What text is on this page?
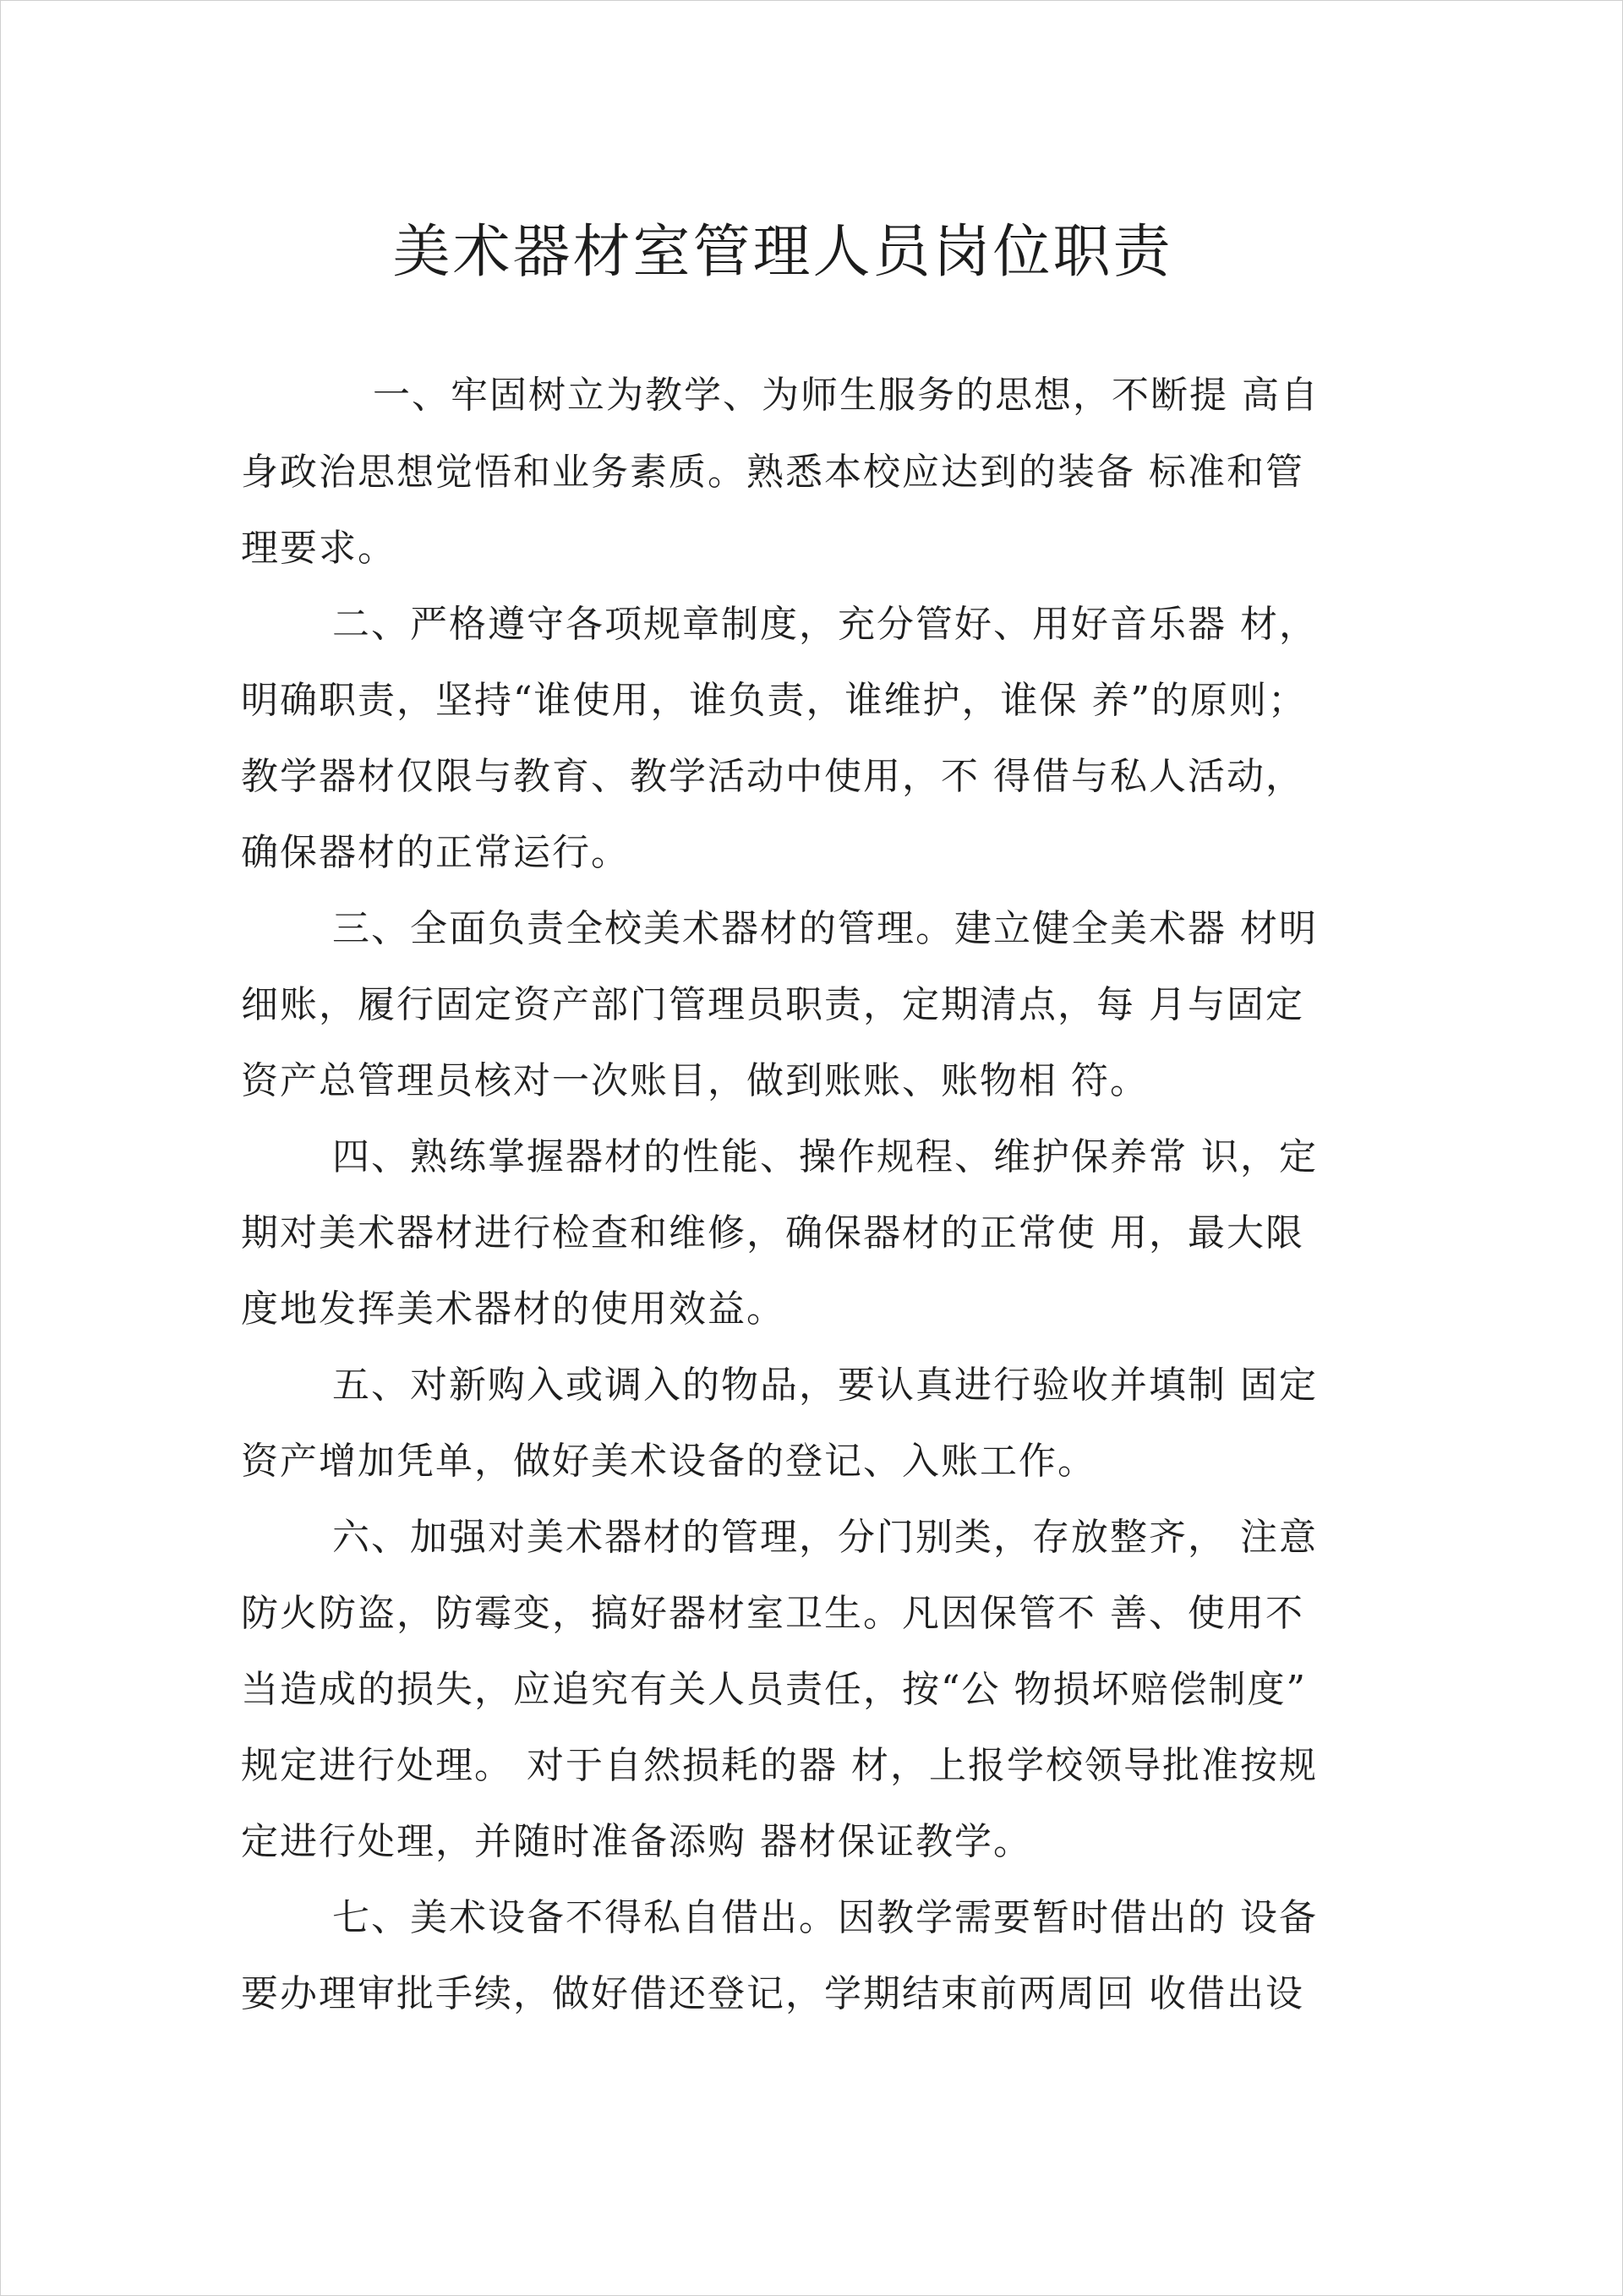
美术器材室管理人员岗位职责

一、牢固树立为教学、为师生服务的思想，不断提 高自

身政治思想觉悟和业务素质。熟悉本校应达到的装备 标准和管

理要求。

二、严格遵守各项规章制度，充分管好、用好音乐器 材，

明确职责，坚持“谁使用，谁负责，谁维护，谁保 养”的原则；

教学器材仅限与教育、教学活动中使用，不 得借与私人活动，

确保器材的正常运行。

三、全面负责全校美术器材的管理。建立健全美术器 材明

细账，履行固定资产部门管理员职责，定期清点，每 月与固定

资产总管理员核对一次账目，做到账账、账物相 符。

四、熟练掌握器材的性能、操作规程、维护保养常 识，定

期对美术器材进行检查和维修，确保器材的正常使 用，最大限

度地发挥美术器材的使用效益。

五、对新购入或调入的物品，要认真进行验收并填制 固定

资产增加凭单，做好美术设备的登记、入账工作。

六、加强对美术器材的管理，分门别类，存放整齐， 注意

防火防盗，防霉变，搞好器材室卫生。凡因保管不 善、使用不

当造成的损失，应追究有关人员责任，按“公 物损坏赔偿制度”

规定进行处理。 对于自然损耗的器 材，上报学校领导批准按规

定进行处理，并随时准备添购 器材保证教学。

七、美术设备不得私自借出。因教学需要暂时借出的 设备

要办理审批手续，做好借还登记，学期结束前两周回 收借出设
